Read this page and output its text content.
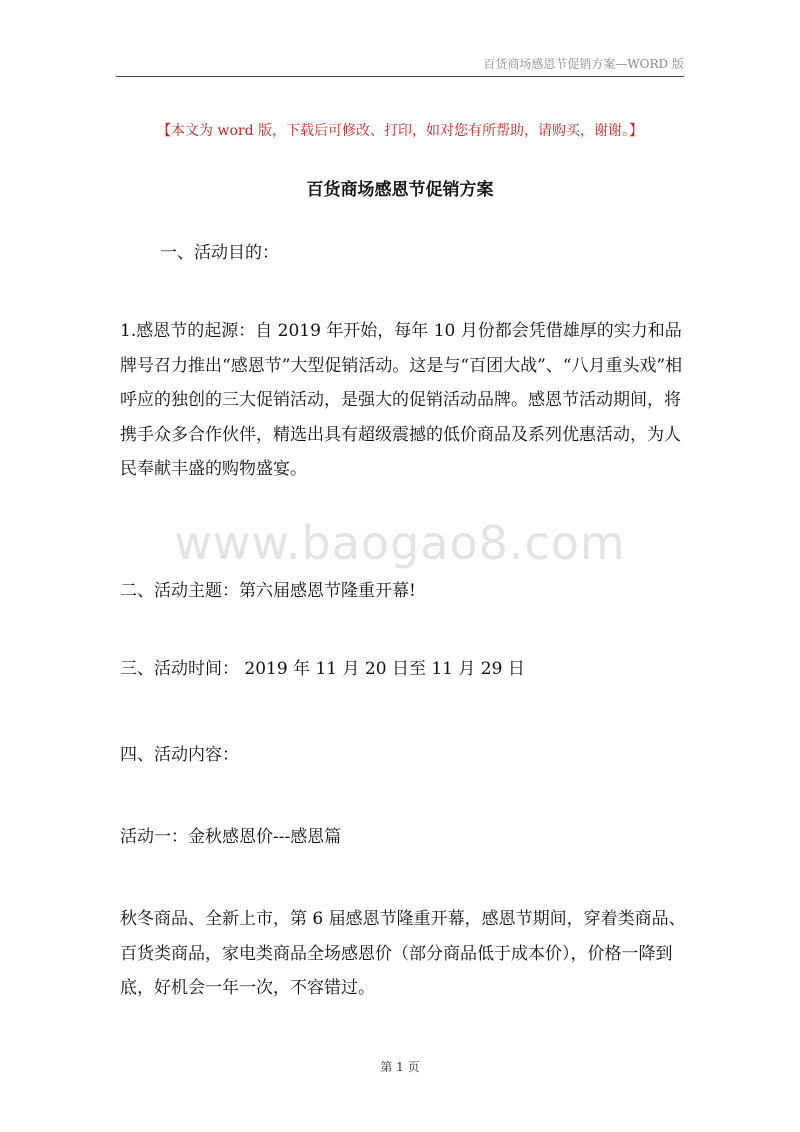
百货商场感恩节促销方案—WORD 版
【本文为 word 版，下载后可修改、打印，如对您有所帮助，请购买，谢谢。】
百货商场感恩节促销方案
一、活动目的：
1.感恩节的起源：自 2019 年开始，每年 10 月份都会凭借雄厚的实力和品牌号召力推出“感恩节”大型促销活动。这是与“百团大战”、“八月重头戏”相呼应的独创的三大促销活动，是强大的促销活动品牌。感恩节活动期间，将携手众多合作伙伴，精选出具有超级震撼的低价商品及系列优惠活动，为人民奉献丰盛的购物盛宴。
www.baogao8.com
二、活动主题：第六届感恩节隆重开幕!
三、活动时间： 2019 年 11 月 20 日至 11 月 29 日
四、活动内容：
活动一：金秋感恩价---感恩篇
秋冬商品、全新上市，第 6 届感恩节隆重开幕，感恩节期间，穿着类商品、百货类商品，家电类商品全场感恩价（部分商品低于成本价），价格一降到底，好机会一年一次，不容错过。
第 1 页
